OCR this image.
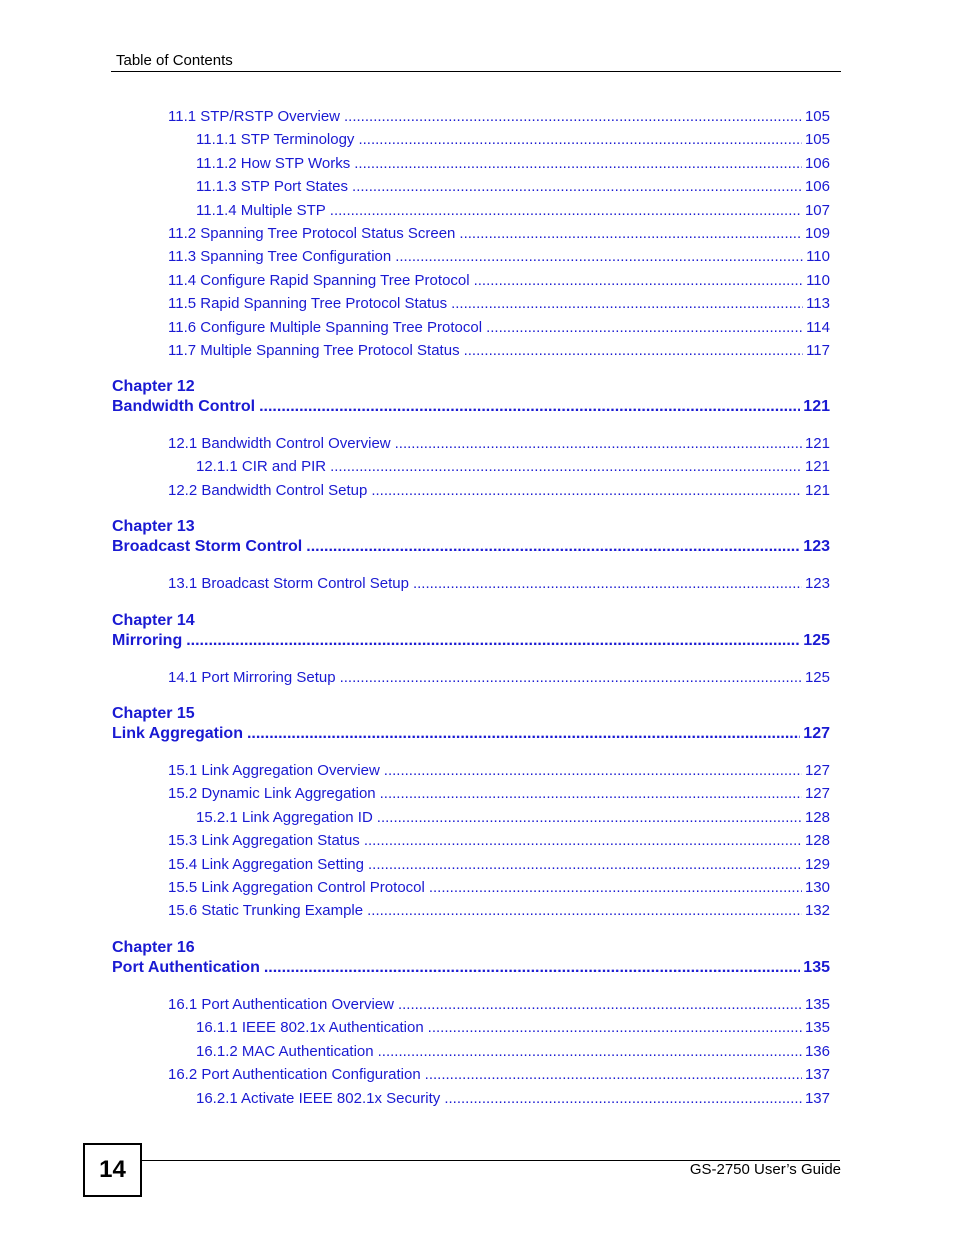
Table of Contents
11.1 STP/RSTP Overview .....	105
11.1.1 STP Terminology .....	105
11.1.2 How STP Works .....	106
11.1.3 STP Port States .....	106
11.1.4 Multiple STP .....	107
11.2 Spanning Tree Protocol Status Screen .....	109
11.3 Spanning Tree Configuration .....	110
11.4 Configure Rapid Spanning Tree Protocol .....	110
11.5 Rapid Spanning Tree Protocol Status .....	113
11.6 Configure Multiple Spanning Tree Protocol .....	114
11.7 Multiple Spanning Tree Protocol Status .....	117
Chapter 12
Bandwidth Control .....	121
12.1 Bandwidth Control Overview .....	121
12.1.1 CIR and PIR .....	121
12.2 Bandwidth Control Setup .....	121
Chapter 13
Broadcast Storm Control .....	123
13.1 Broadcast Storm Control Setup .....	123
Chapter 14
Mirroring .....	125
14.1 Port Mirroring Setup .....	125
Chapter 15
Link Aggregation .....	127
15.1 Link Aggregation Overview .....	127
15.2 Dynamic Link Aggregation .....	127
15.2.1 Link Aggregation ID .....	128
15.3 Link Aggregation Status .....	128
15.4 Link Aggregation Setting .....	129
15.5 Link Aggregation Control Protocol .....	130
15.6 Static Trunking Example .....	132
Chapter 16
Port Authentication .....	135
16.1 Port Authentication Overview .....	135
16.1.1 IEEE 802.1x Authentication .....	135
16.1.2 MAC Authentication .....	136
16.2 Port Authentication Configuration .....	137
16.2.1 Activate IEEE 802.1x Security .....	137
14	GS-2750 User’s Guide
